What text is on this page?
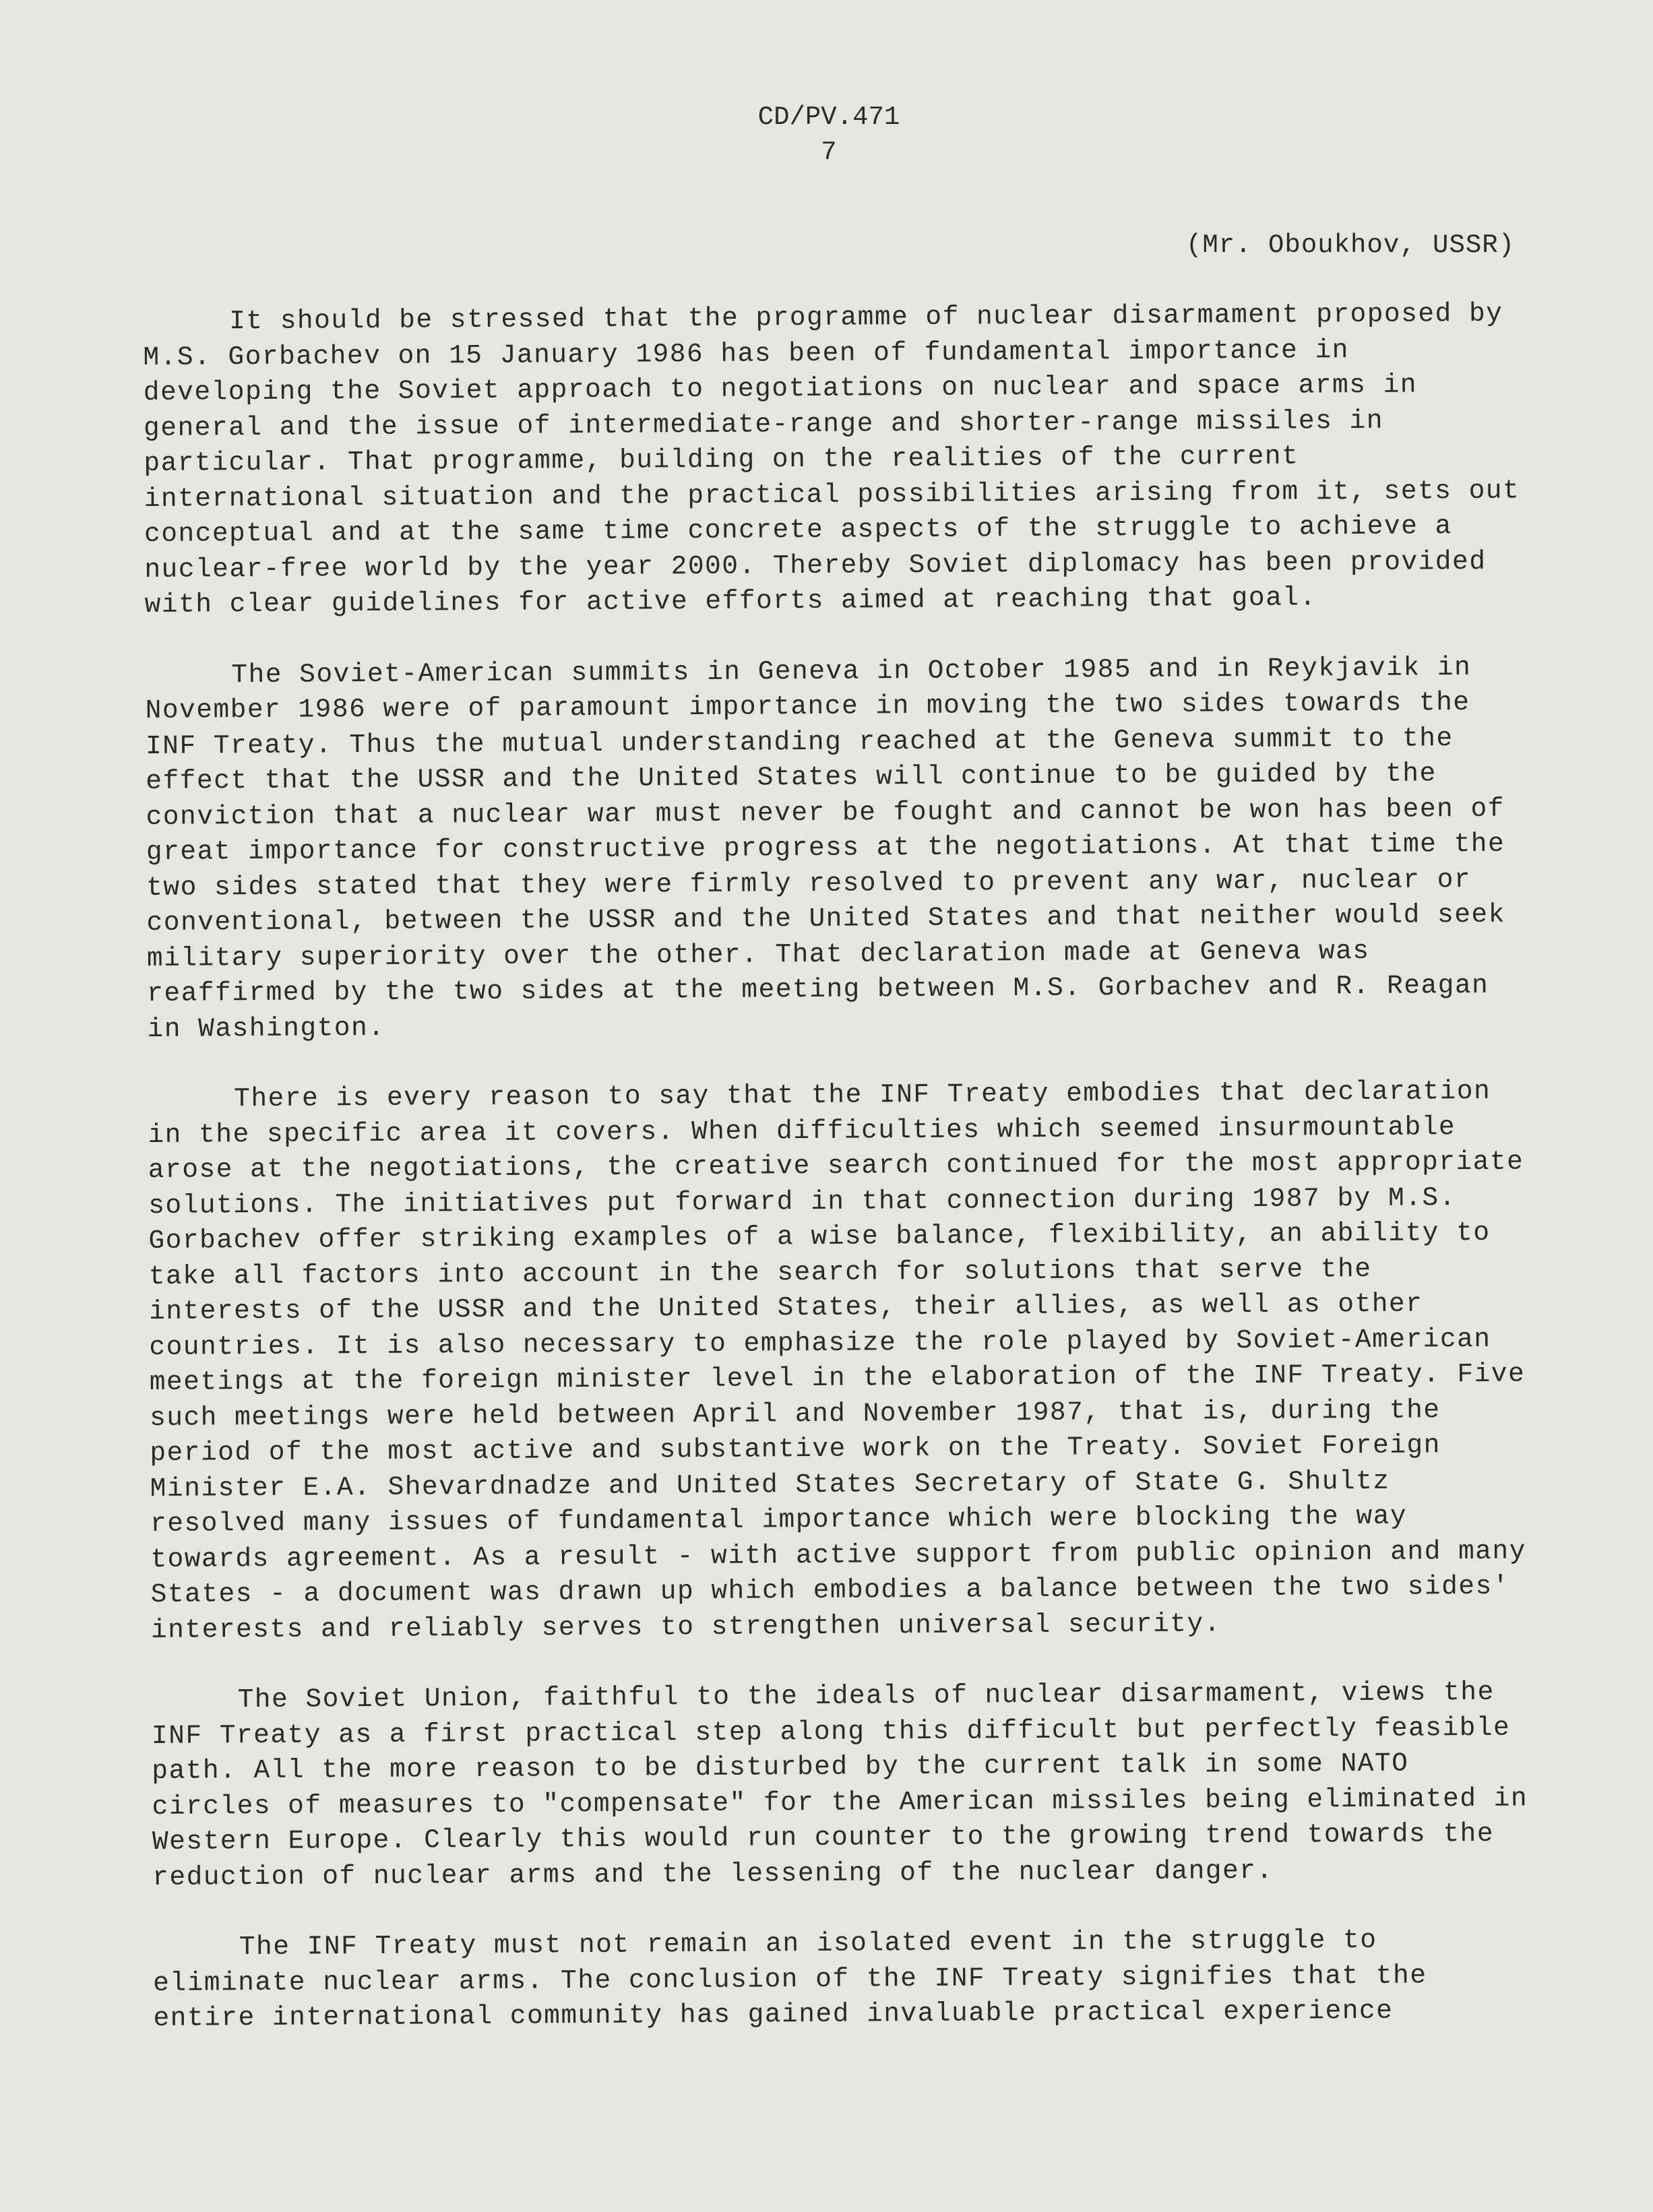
CD/PV.471
7
(Mr. Oboukhov, USSR)

It should be stressed that the programme of nuclear disarmament proposed by M.S. Gorbachev on 15 January 1986 has been of fundamental importance in developing the Soviet approach to negotiations on nuclear and space arms in general and the issue of intermediate-range and shorter-range missiles in particular. That programme, building on the realities of the current international situation and the practical possibilities arising from it, sets out conceptual and at the same time concrete aspects of the struggle to achieve a nuclear-free world by the year 2000. Thereby Soviet diplomacy has been provided with clear guidelines for active efforts aimed at reaching that goal.

The Soviet-American summits in Geneva in October 1985 and in Reykjavik in November 1986 were of paramount importance in moving the two sides towards the INF Treaty. Thus the mutual understanding reached at the Geneva summit to the effect that the USSR and the United States will continue to be guided by the conviction that a nuclear war must never be fought and cannot be won has been of great importance for constructive progress at the negotiations. At that time the two sides stated that they were firmly resolved to prevent any war, nuclear or conventional, between the USSR and the United States and that neither would seek military superiority over the other. That declaration made at Geneva was reaffirmed by the two sides at the meeting between M.S. Gorbachev and R. Reagan in Washington.

There is every reason to say that the INF Treaty embodies that declaration in the specific area it covers. When difficulties which seemed insurmountable arose at the negotiations, the creative search continued for the most appropriate solutions. The initiatives put forward in that connection during 1987 by M.S. Gorbachev offer striking examples of a wise balance, flexibility, an ability to take all factors into account in the search for solutions that serve the interests of the USSR and the United States, their allies, as well as other countries. It is also necessary to emphasize the role played by Soviet-American meetings at the foreign minister level in the elaboration of the INF Treaty. Five such meetings were held between April and November 1987, that is, during the period of the most active and substantive work on the Treaty. Soviet Foreign Minister E.A. Shevardnadze and United States Secretary of State G. Shultz resolved many issues of fundamental importance which were blocking the way towards agreement. As a result - with active support from public opinion and many States - a document was drawn up which embodies a balance between the two sides' interests and reliably serves to strengthen universal security.

The Soviet Union, faithful to the ideals of nuclear disarmament, views the INF Treaty as a first practical step along this difficult but perfectly feasible path. All the more reason to be disturbed by the current talk in some NATO circles of measures to "compensate" for the American missiles being eliminated in Western Europe. Clearly this would run counter to the growing trend towards the reduction of nuclear arms and the lessening of the nuclear danger.

The INF Treaty must not remain an isolated event in the struggle to eliminate nuclear arms. The conclusion of the INF Treaty signifies that the entire international community has gained invaluable practical experience
